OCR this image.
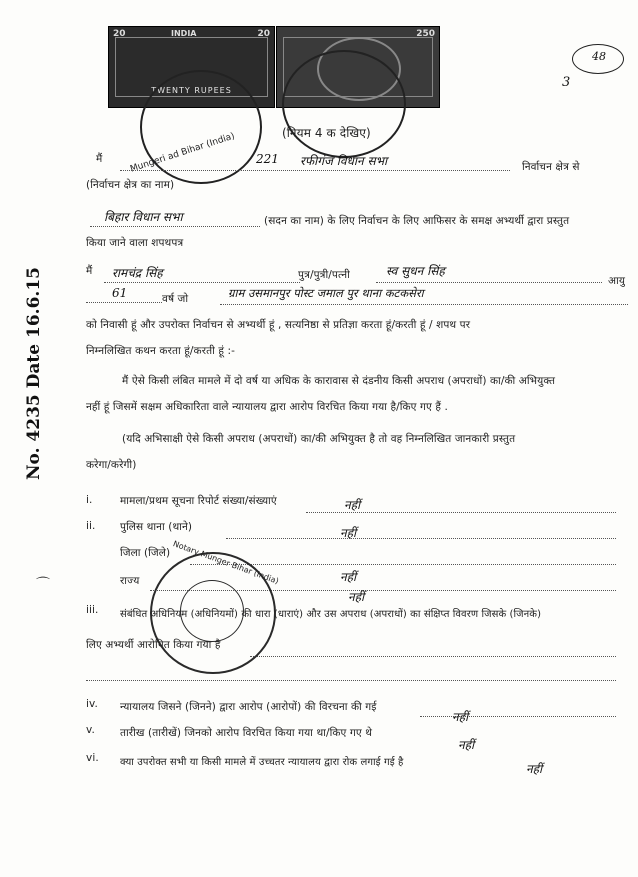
20	20
INDIA
TWENTY RUPEES
250
Mungeri ad Bihar (India)
48
3
(नियम 4 क देखिए)
मैं	221 रफीगंज विधान सभा	निर्वाचन क्षेत्र से
(निर्वाचन क्षेत्र का नाम)
बिहार विधान सभा	(सदन का नाम) के लिए निर्वाचन के लिए आफिसर के समक्ष अभ्यर्थी द्वारा प्रस्तुत
किया जाने वाला शपथपत्र
मैं रामचंद्र सिंह	पुत्र/पुत्री/पत्नी	स्व सुधन सिंह
आयु
61	वर्ष जो	ग्राम उसमानपुर पोस्ट जमाल पुर थाना कटकसेरा
को निवासी हूं और उपरोक्त निर्वाचन से अभ्यर्थी हूं , सत्यनिष्ठा से प्रतिज्ञा करता हूं/करती हूं / शपथ पर
निम्नलिखित कथन करता हूं/करती हूं :-
मैं ऐसे किसी लंबित मामले में दो वर्ष या अधिक के कारावास से दंडनीय किसी अपराध (अपराधों) का/की अभियुक्त
नहीं हूं जिसमें सक्षम अधिकारिता वाले न्यायालय द्वारा आरोप विरचित किया गया है/किए गए हैं .
(यदि अभिसाक्षी ऐसे किसी अपराध (अपराधों) का/की अभियुक्त है तो वह निम्नलिखित जानकारी प्रस्तुत
करेगा/करेगी)
i.	मामला/प्रथम सूचना रिपोर्ट संख्या/संख्याएं	नहीं
ii. पुलिस थाना (थाने)	नहीं
जिला (जिले)
राज्य	नहीं
iii. संबंधित अधिनियम (अधिनियमों) की धारा (धाराएं) और उस अपराध (अपराधों) का संक्षिप्त विवरण जिसके (जिनके)
नहीं
लिए अभ्यर्थी आरोपित किया गया है
iv. न्यायालय जिसने (जिनने) द्वारा आरोप (आरोपों) की विरचना की गई
नहीं
v. तारीख (तारीखें) जिनको आरोप विरचित किया गया था/किए गए थे
नहीं
vi. क्या उपरोक्त सभी या किसी मामले में उच्चतर न्यायालय द्वारा रोक लगाई गई है	नहीं
Notary Munger Bihar (India)
No. 4235 Date 16.6.15
⌒
